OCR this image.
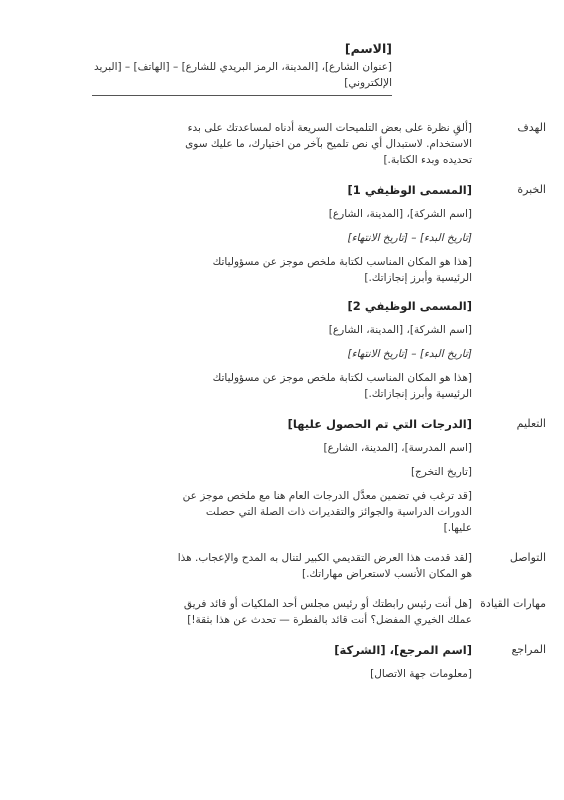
[الاسم]

[عنوان الشارع]، [المدينة، الرمز البريدي للشارع] – [الهاتف] – [البريد الإلكتروني]

الهدف

[ألقِ نظرة على بعض التلميحات السريعة أدناه لمساعدتك على بدء الاستخدام. لاستبدال أي نص تلميح بآخر من اختيارك، ما عليك سوى تحديده وبدء الكتابة.]

الخبرة

[المسمى الوظيفي 1]

[اسم الشركة]، [المدينة، الشارع]

[تاريخ البدء] – [تاريخ الانتهاء]

[هذا هو المكان المناسب لكتابة ملخص موجز عن مسؤولياتك الرئيسية وأبرز إنجازاتك.]

[المسمى الوظيفي 2]

[اسم الشركة]، [المدينة، الشارع]

[تاريخ البدء] – [تاريخ الانتهاء]

[هذا هو المكان المناسب لكتابة ملخص موجز عن مسؤولياتك الرئيسية وأبرز إنجازاتك.]

التعليم

[الدرجات التي تم الحصول عليها]

[اسم المدرسة]، [المدينة، الشارع]

[تاريخ التخرج]

[قد ترغب في تضمين معدَّل الدرجات العام هنا مع ملخص موجز عن الدورات الدراسية والجوائز والتقديرات ذات الصلة التي حصلت عليها.]

التواصل

[لقد قدمت هذا العرض التقديمي الكبير لتنال به المدح والإعجاب. هذا هو المكان الأنسب لاستعراض مهاراتك.]

مهارات القيادة

[هل أنت رئيس رابطتك أو رئيس مجلس أحد الملكيات أو قائد فريق عملك الخيري المفضل؟ أنت قائد بالفطرة — تحدث عن هذا بثقة!]

المراجع

[اسم المرجع]، [الشركة]

[معلومات جهة الاتصال]
